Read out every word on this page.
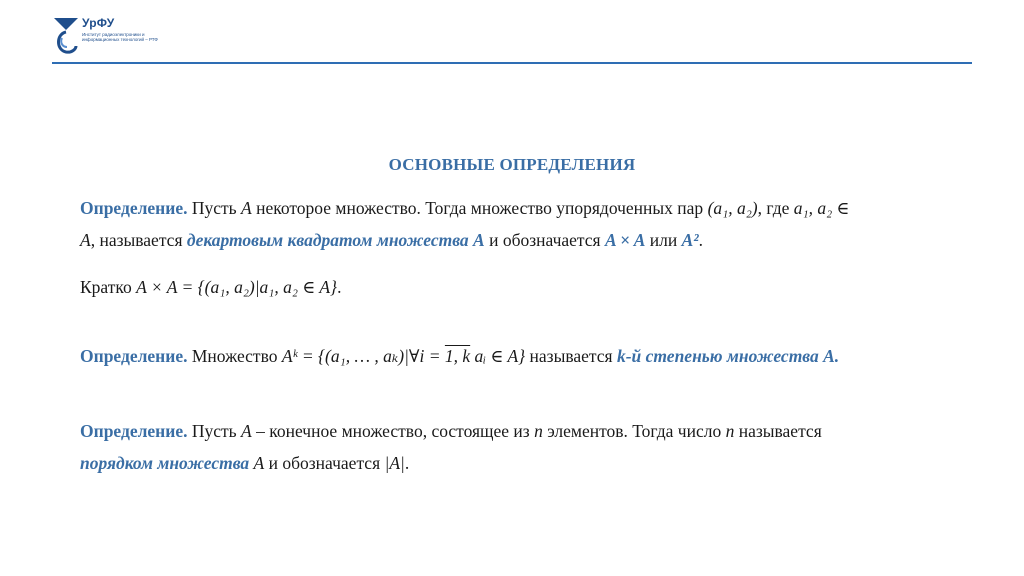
УрФУ
Институт радиоэлектроники и информационных технологий – РТФ
ОСНОВНЫЕ ОПРЕДЕЛЕНИЯ
Определение. Пусть A некоторое множество. Тогда множество упорядоченных пар (a₁, a₂), где a₁, a₂ ∈
A, называется декартовым квадратом множества A и обозначается A × A или A².
Кратко A × A = {(a₁, a₂)|a₁, a₂ ∈ A}.
Определение. Множество Aᵏ = {(a₁, … , aₖ)|∀i = 1, k aᵢ ∈ A} называется k-й степенью множества A.
Определение. Пусть A – конечное множество, состоящее из n элементов. Тогда число n называется
порядком множества A и обозначается |A|.
